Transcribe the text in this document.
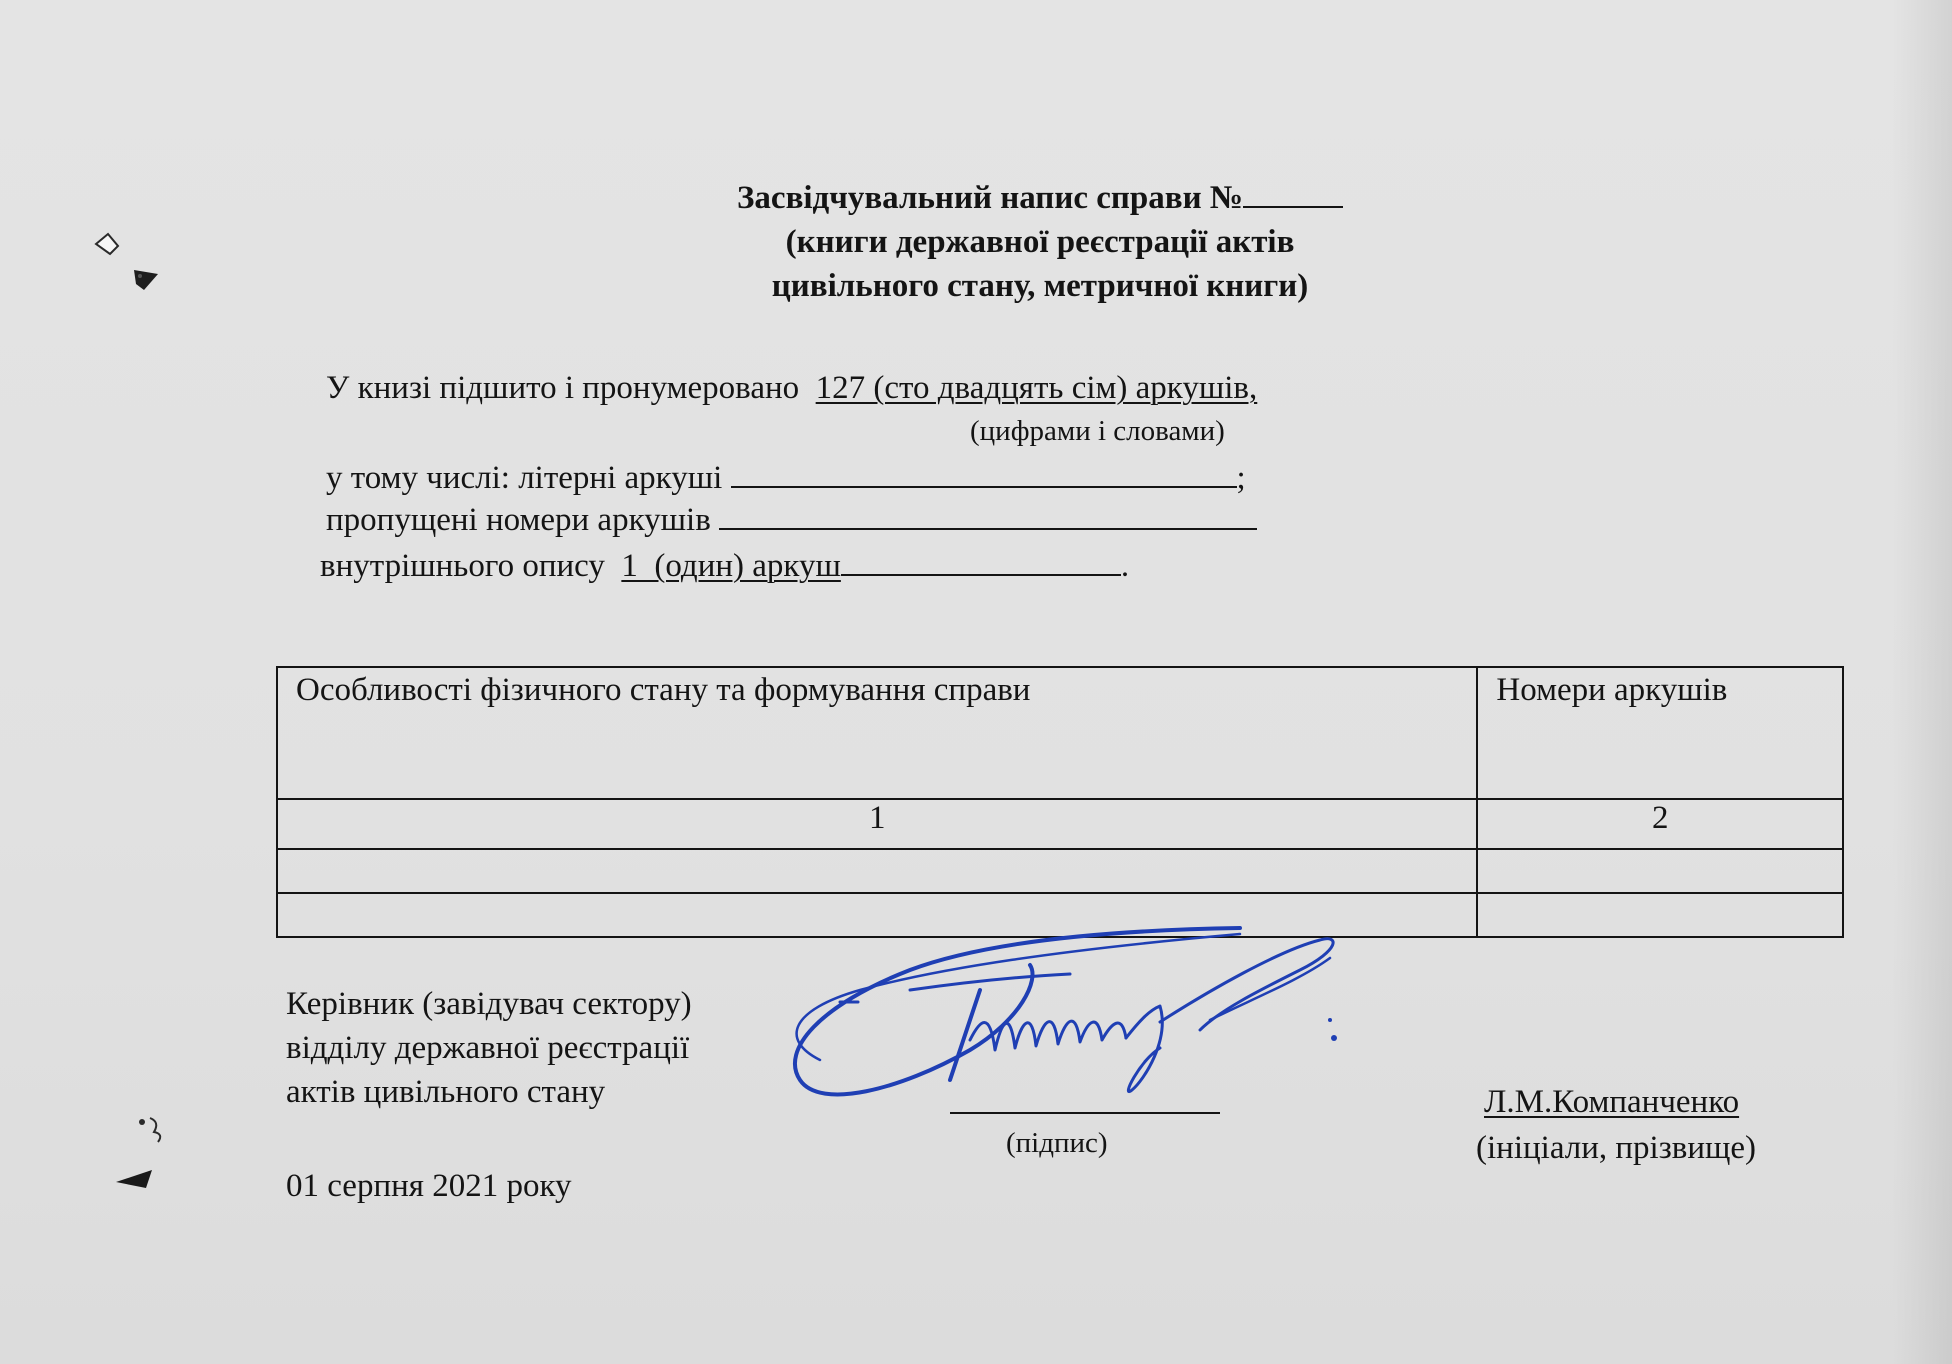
Засвідчувальний напис справи №
(книги державної реєстрації актів
цивільного стану, метричної книги)
У книзі підшито і пронумеровано 127 (сто двадцять сім) аркушів,
(цифрами і словами)
у тому числі: літерні аркуші	;
пропущені номери аркушів
внутрішнього опису 1  (один) аркуш	.
Особливості фізичного стану та формування справи	Номери аркушів
1	2

Керівник (завідувач сектору)
відділу державної реєстрації
актів цивільного стану
(підпис)
Л.М.Компанченко
(ініціали, прізвище)
01 серпня 2021 року
